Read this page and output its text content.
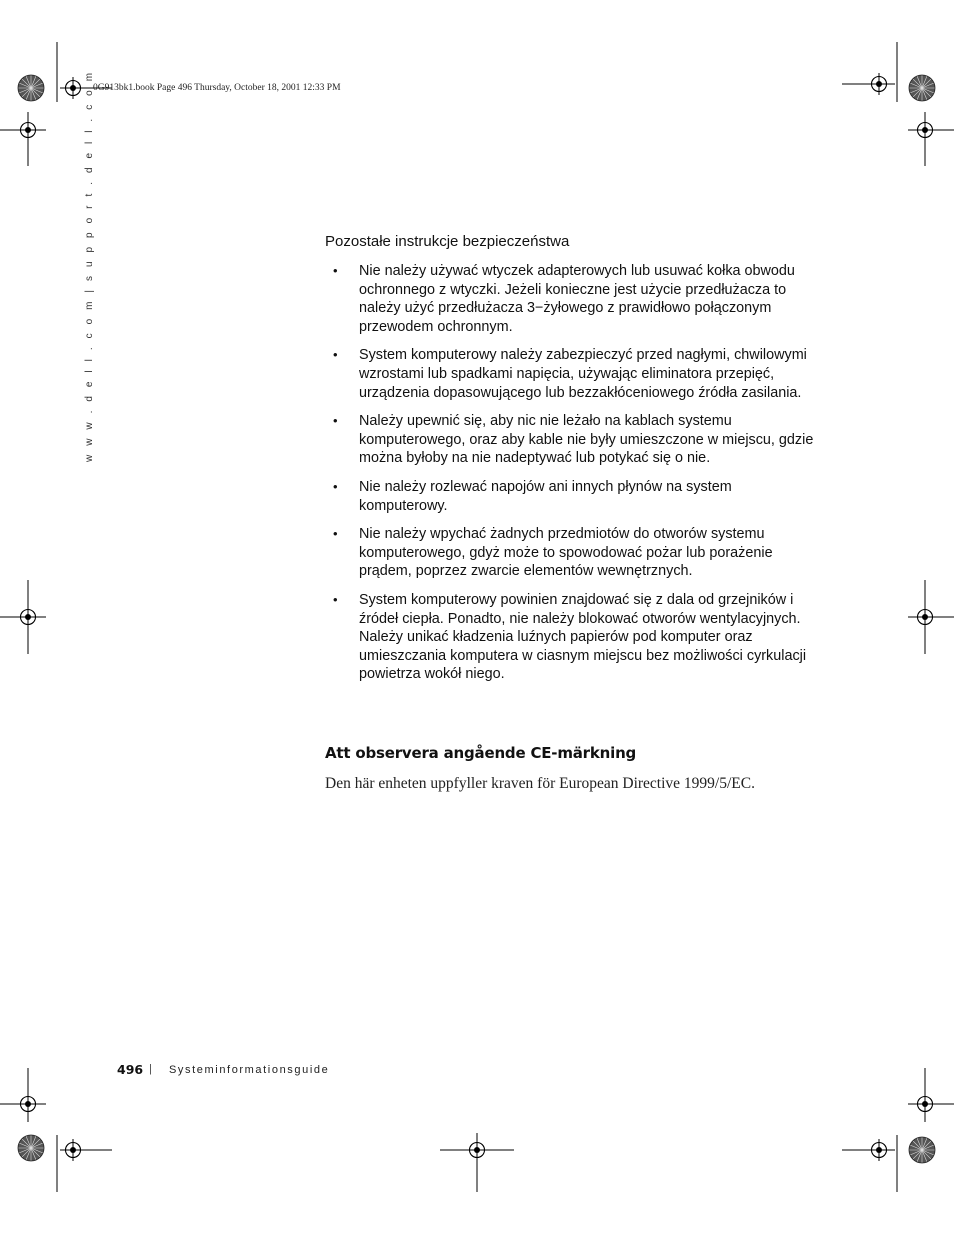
0G913bk1.book Page 496 Thursday, October 18, 2001 12:33 PM
w w w . d e l l . c o m | s u p p o r t . d e l l . c o m	Pozostałe instrukcje bezpieczeństwa
• Nie należy używać wtyczek adapterowych lub usuwać kołka obwodu ochronnego z wtyczki. Jeżeli konieczne jest użycie przedłużacza to należy użyć przedłużacza 3−żyłowego z prawidłowo połączonym przewodem ochronnym.
• System komputerowy należy zabezpieczyć przed nagłymi, chwilowymi wzrostami lub spadkami napięcia, używając eliminatora przepięć, urządzenia dopasowującego lub bezzakłóceniowego źródła zasilania.
• Należy upewnić się, aby nic nie leżało na kablach systemu komputerowego, oraz aby kable nie były umieszczone w miejscu, gdzie można byłoby na nie nadeptywać lub potykać się o nie.
• Nie należy rozlewać napojów ani innych płynów na system komputerowy.
• Nie należy wpychać żadnych przedmiotów do otworów systemu komputerowego, gdyż może to spowodować pożar lub porażenie prądem, poprzez zwarcie elementów wewnętrznych.
• System komputerowy powinien znajdować się z dala od grzejników i źródeł ciepła. Ponadto, nie należy blokować otworów wentylacyjnych. Należy unikać kładzenia luźnych papierów pod komputer oraz umieszczania komputera w ciasnym miejscu bez możliwości cyrkulacji powietrza wokół niego.
Att observera angående CE-märkning
Den här enheten uppfyller kraven för European Directive 1999/5/EC.
496 | Systeminformationsguide
